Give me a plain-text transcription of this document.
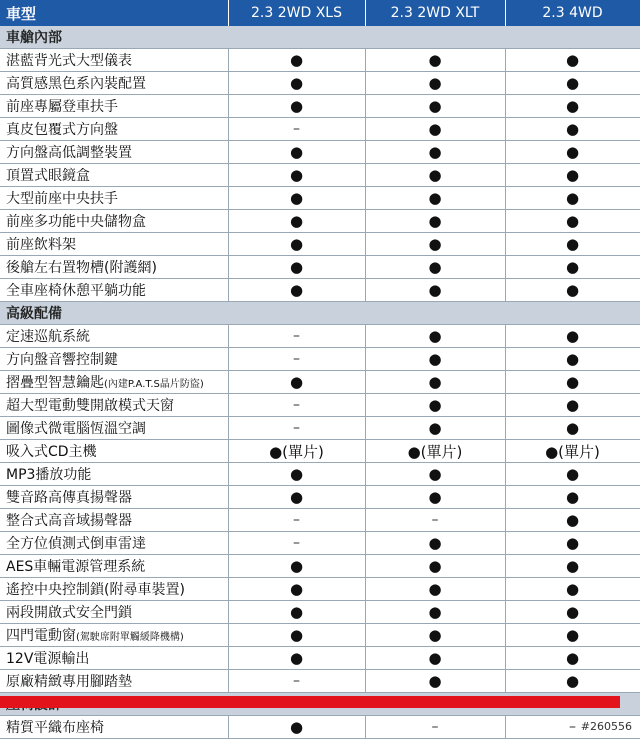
車型	2.3 2WD XLS	2.3 2WD XLT	2.3 4WD
車艙內部			
湛藍背光式大型儀表	●	●	●
高質感黑色系內裝配置	●	●	●
前座專屬登車扶手	●	●	●
真皮包覆式方向盤	–	●	●
方向盤高低調整裝置	●	●	●
頂置式眼鏡盒	●	●	●
大型前座中央扶手	●	●	●
前座多功能中央儲物盒	●	●	●
前座飲料架	●	●	●
後艙左右置物槽(附護網)	●	●	●
全車座椅休憩平躺功能	●	●	●
高級配備			
定速巡航系統	–	●	●
方向盤音響控制鍵	–	●	●
摺疊型智慧鑰匙(內建P.A.T.S晶片防盜)	●	●	●
超大型電動雙開啟模式天窗	–	●	●
圖像式微電腦恆溫空調	–	●	●
吸入式CD主機	●(單片)	●(單片)	●(單片)
MP3播放功能	●	●	●
雙音路高傳真揚聲器	●	●	●
整合式高音域揚聲器	–	–	●
全方位偵測式倒車雷達	–	●	●
AES車輛電源管理系統	●	●	●
遙控中央控制鎖(附尋車裝置)	●	●	●
兩段開啟式安全門鎖	●	●	●
四門電動窗(駕駛席附單觸緩降機構)	●	●	●
12V電源輸出	●	●	●
原廠精緻專用腳踏墊	–	●	●

精質平織布座椅	●	–	– #260556
